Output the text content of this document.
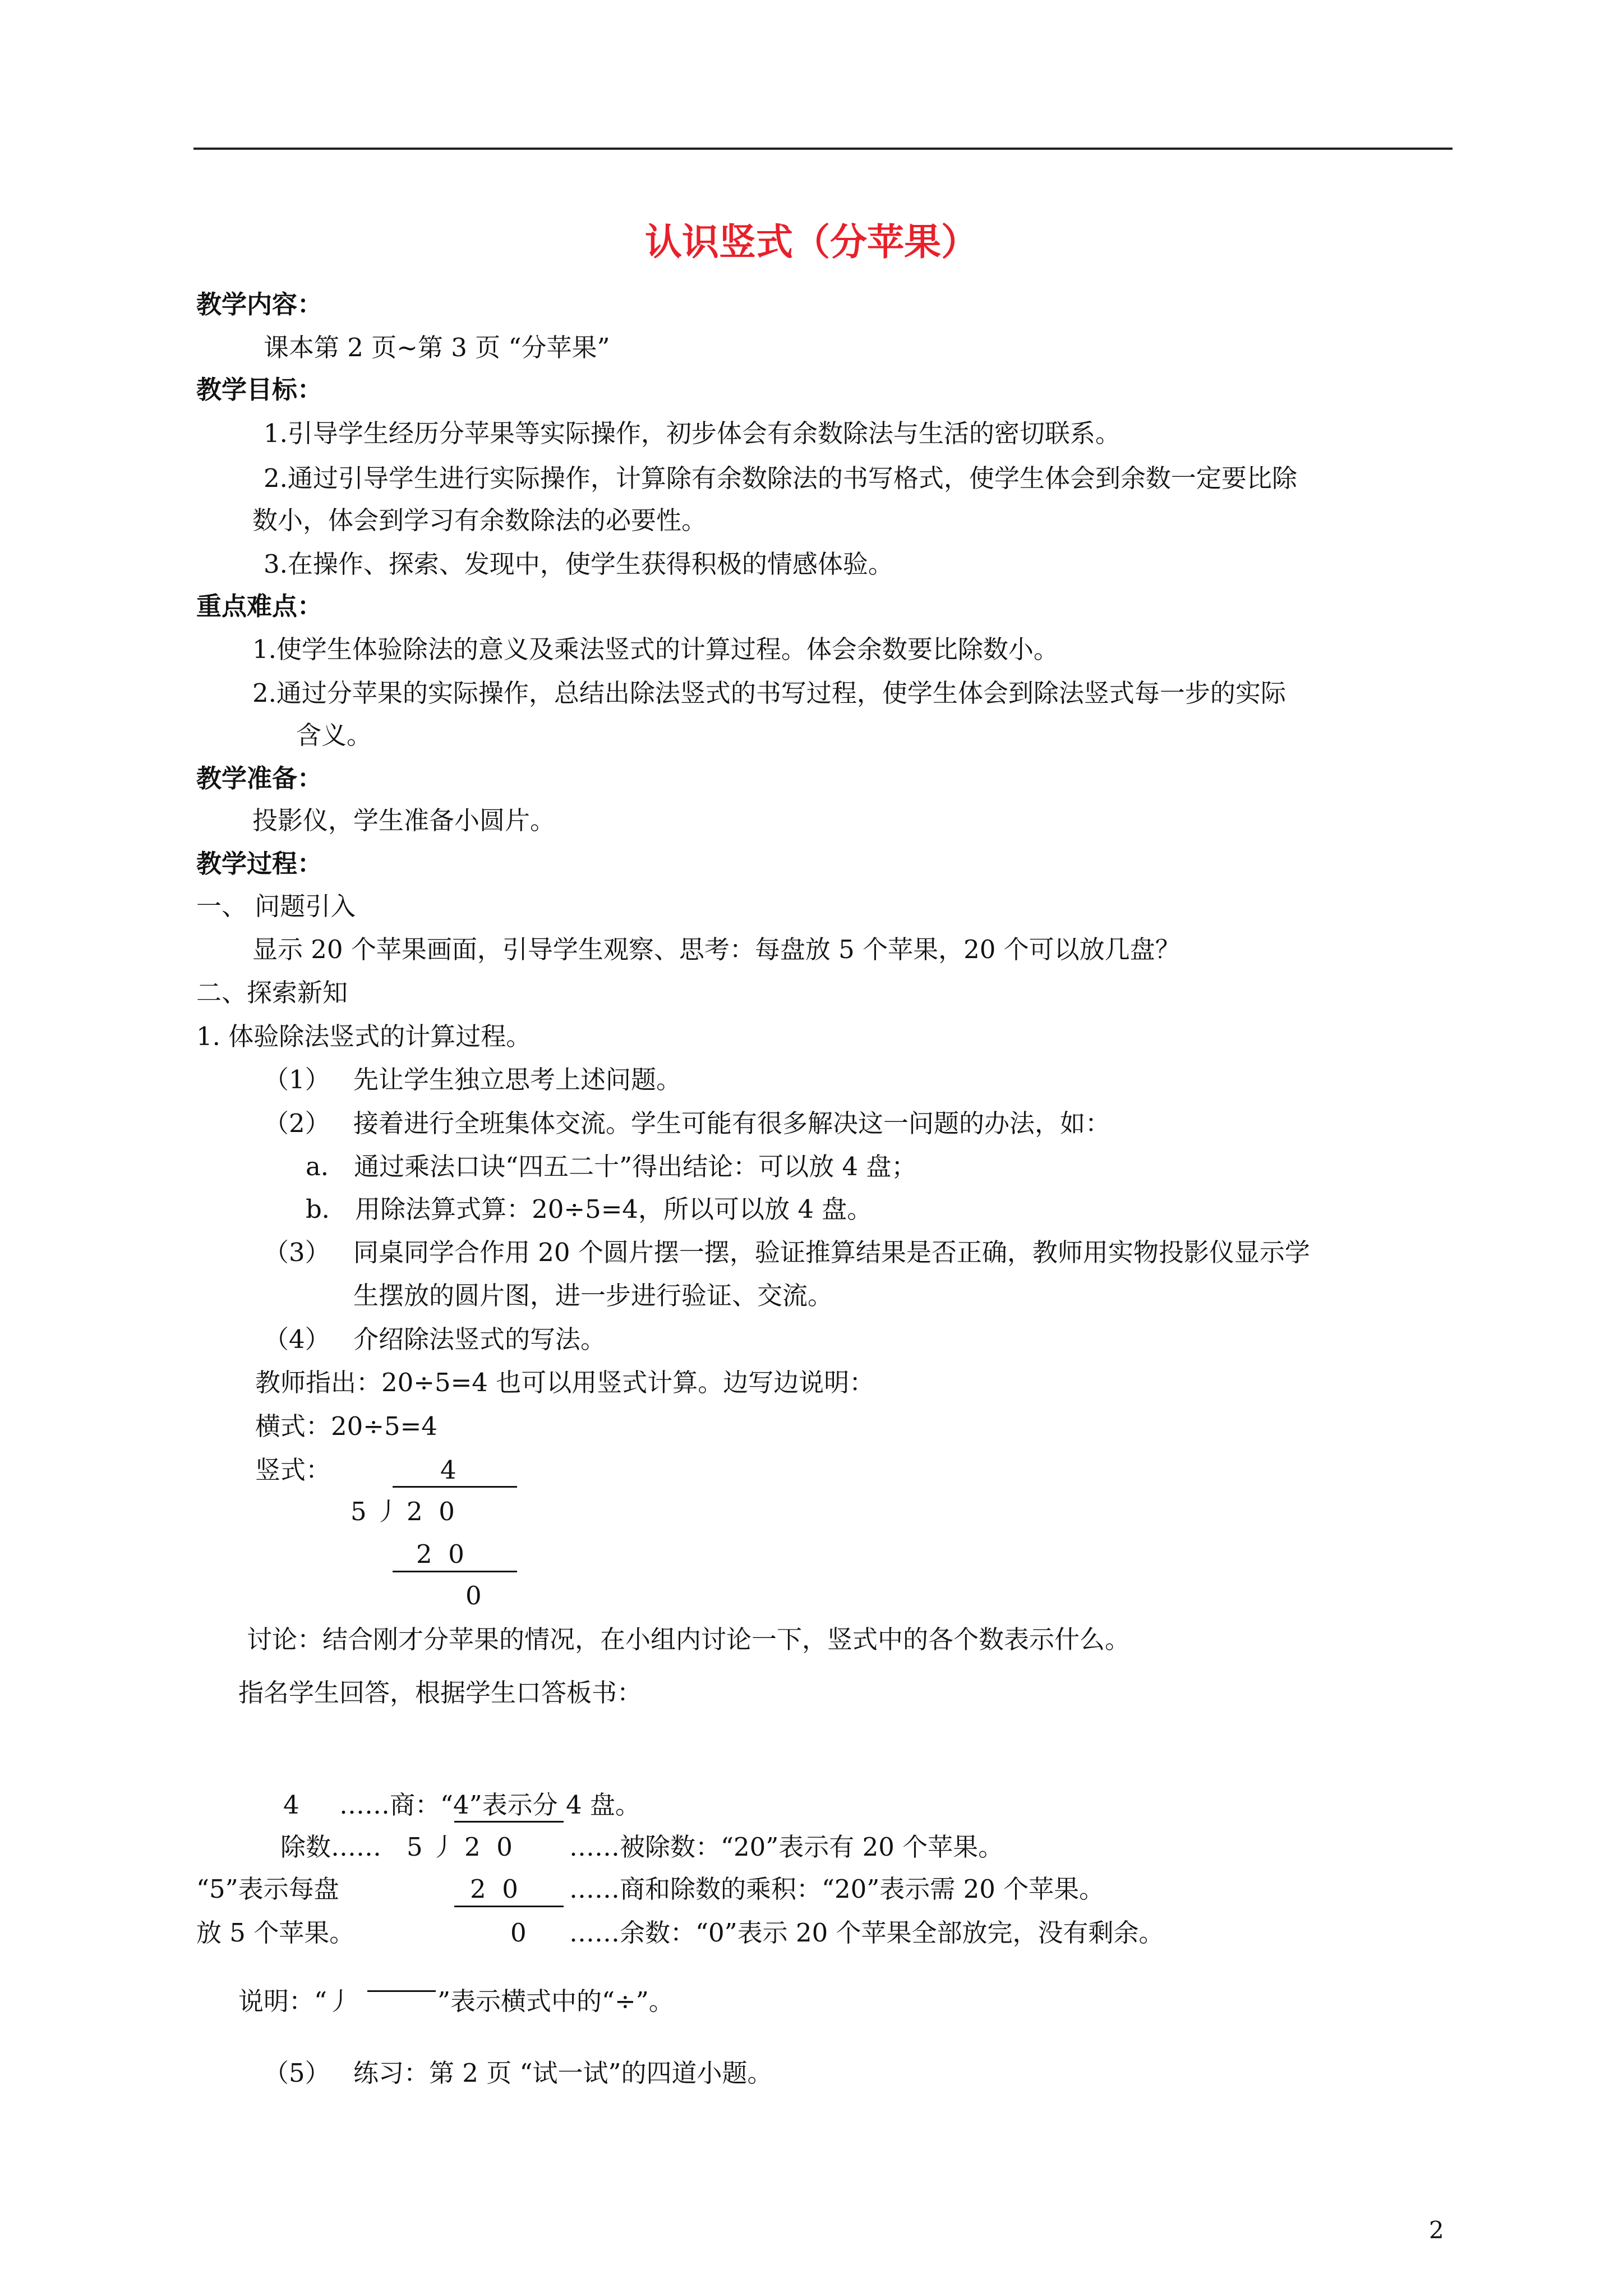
认识竖式（分苹果）
教学内容：
课本第 2 页~第 3 页 “分苹果”
教学目标：
1.引导学生经历分苹果等实际操作，初步体会有余数除法与生活的密切联系。
2.通过引导学生进行实际操作，计算除有余数除法的书写格式，使学生体会到余数一定要比除
数小，体会到学习有余数除法的必要性。
3.在操作、探索、发现中，使学生获得积极的情感体验。
重点难点：
1.使学生体验除法的意义及乘法竖式的计算过程。体会余数要比除数小。
2.通过分苹果的实际操作，总结出除法竖式的书写过程，使学生体会到除法竖式每一步的实际
含义。
教学准备：
投影仪，学生准备小圆片。
教学过程：
一、 问题引入
显示 20 个苹果画面，引导学生观察、思考：每盘放 5 个苹果，20 个可以放几盘？
二、探索新知
1. 体验除法竖式的计算过程。
（1） 先让学生独立思考上述问题。
（2） 接着进行全班集体交流。学生可能有很多解决这一问题的办法，如：
a． 通过乘法口诀“四五二十”得出结论：可以放 4 盘；
b． 用除法算式算：20÷5=4，所以可以放 4 盘。
（3） 同桌同学合作用 20 个圆片摆一摆，验证推算结果是否正确，教师用实物投影仪显示学
生摆放的圆片图，进一步进行验证、交流。
（4） 介绍除法竖式的写法。
教师指出：20÷5=4 也可以用竖式计算。边写边说明：
横式：20÷5=4
竖式：	4
5 丿 2  0
2  0
0
讨论：结合刚才分苹果的情况，在小组内讨论一下，竖式中的各个数表示什么。
指名学生回答，根据学生口答板书：
4 ……商：“4”表示分 4 盘。
除数…… 5 丿 2  0 ……被除数：“20”表示有 20 个苹果。
“5”表示每盘	2  0 ……商和除数的乘积：“20”表示需 20 个苹果。
放 5 个苹果。	0 ……余数：“0”表示 20 个苹果全部放完，没有剩余。
说明：“丿	”表示横式中的“÷”。
（5） 练习：第 2 页 “试一试”的四道小题。
2
